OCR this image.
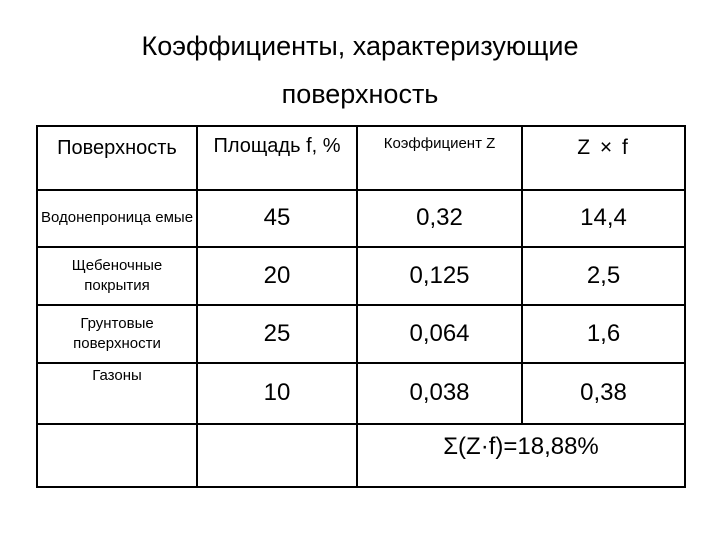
Коэффициенты, характеризующие
поверхность
Поверхность	Площадь f, %	Коэффициент Z	Z × f
Водонепроница емые	45	0,32	14,4
Щебеночные покрытия	20	0,125	2,5
Грунтовые поверхности	25	0,064	1,6
Газоны	10	0,038	0,38
		Σ(Z·f)=18,88%	
